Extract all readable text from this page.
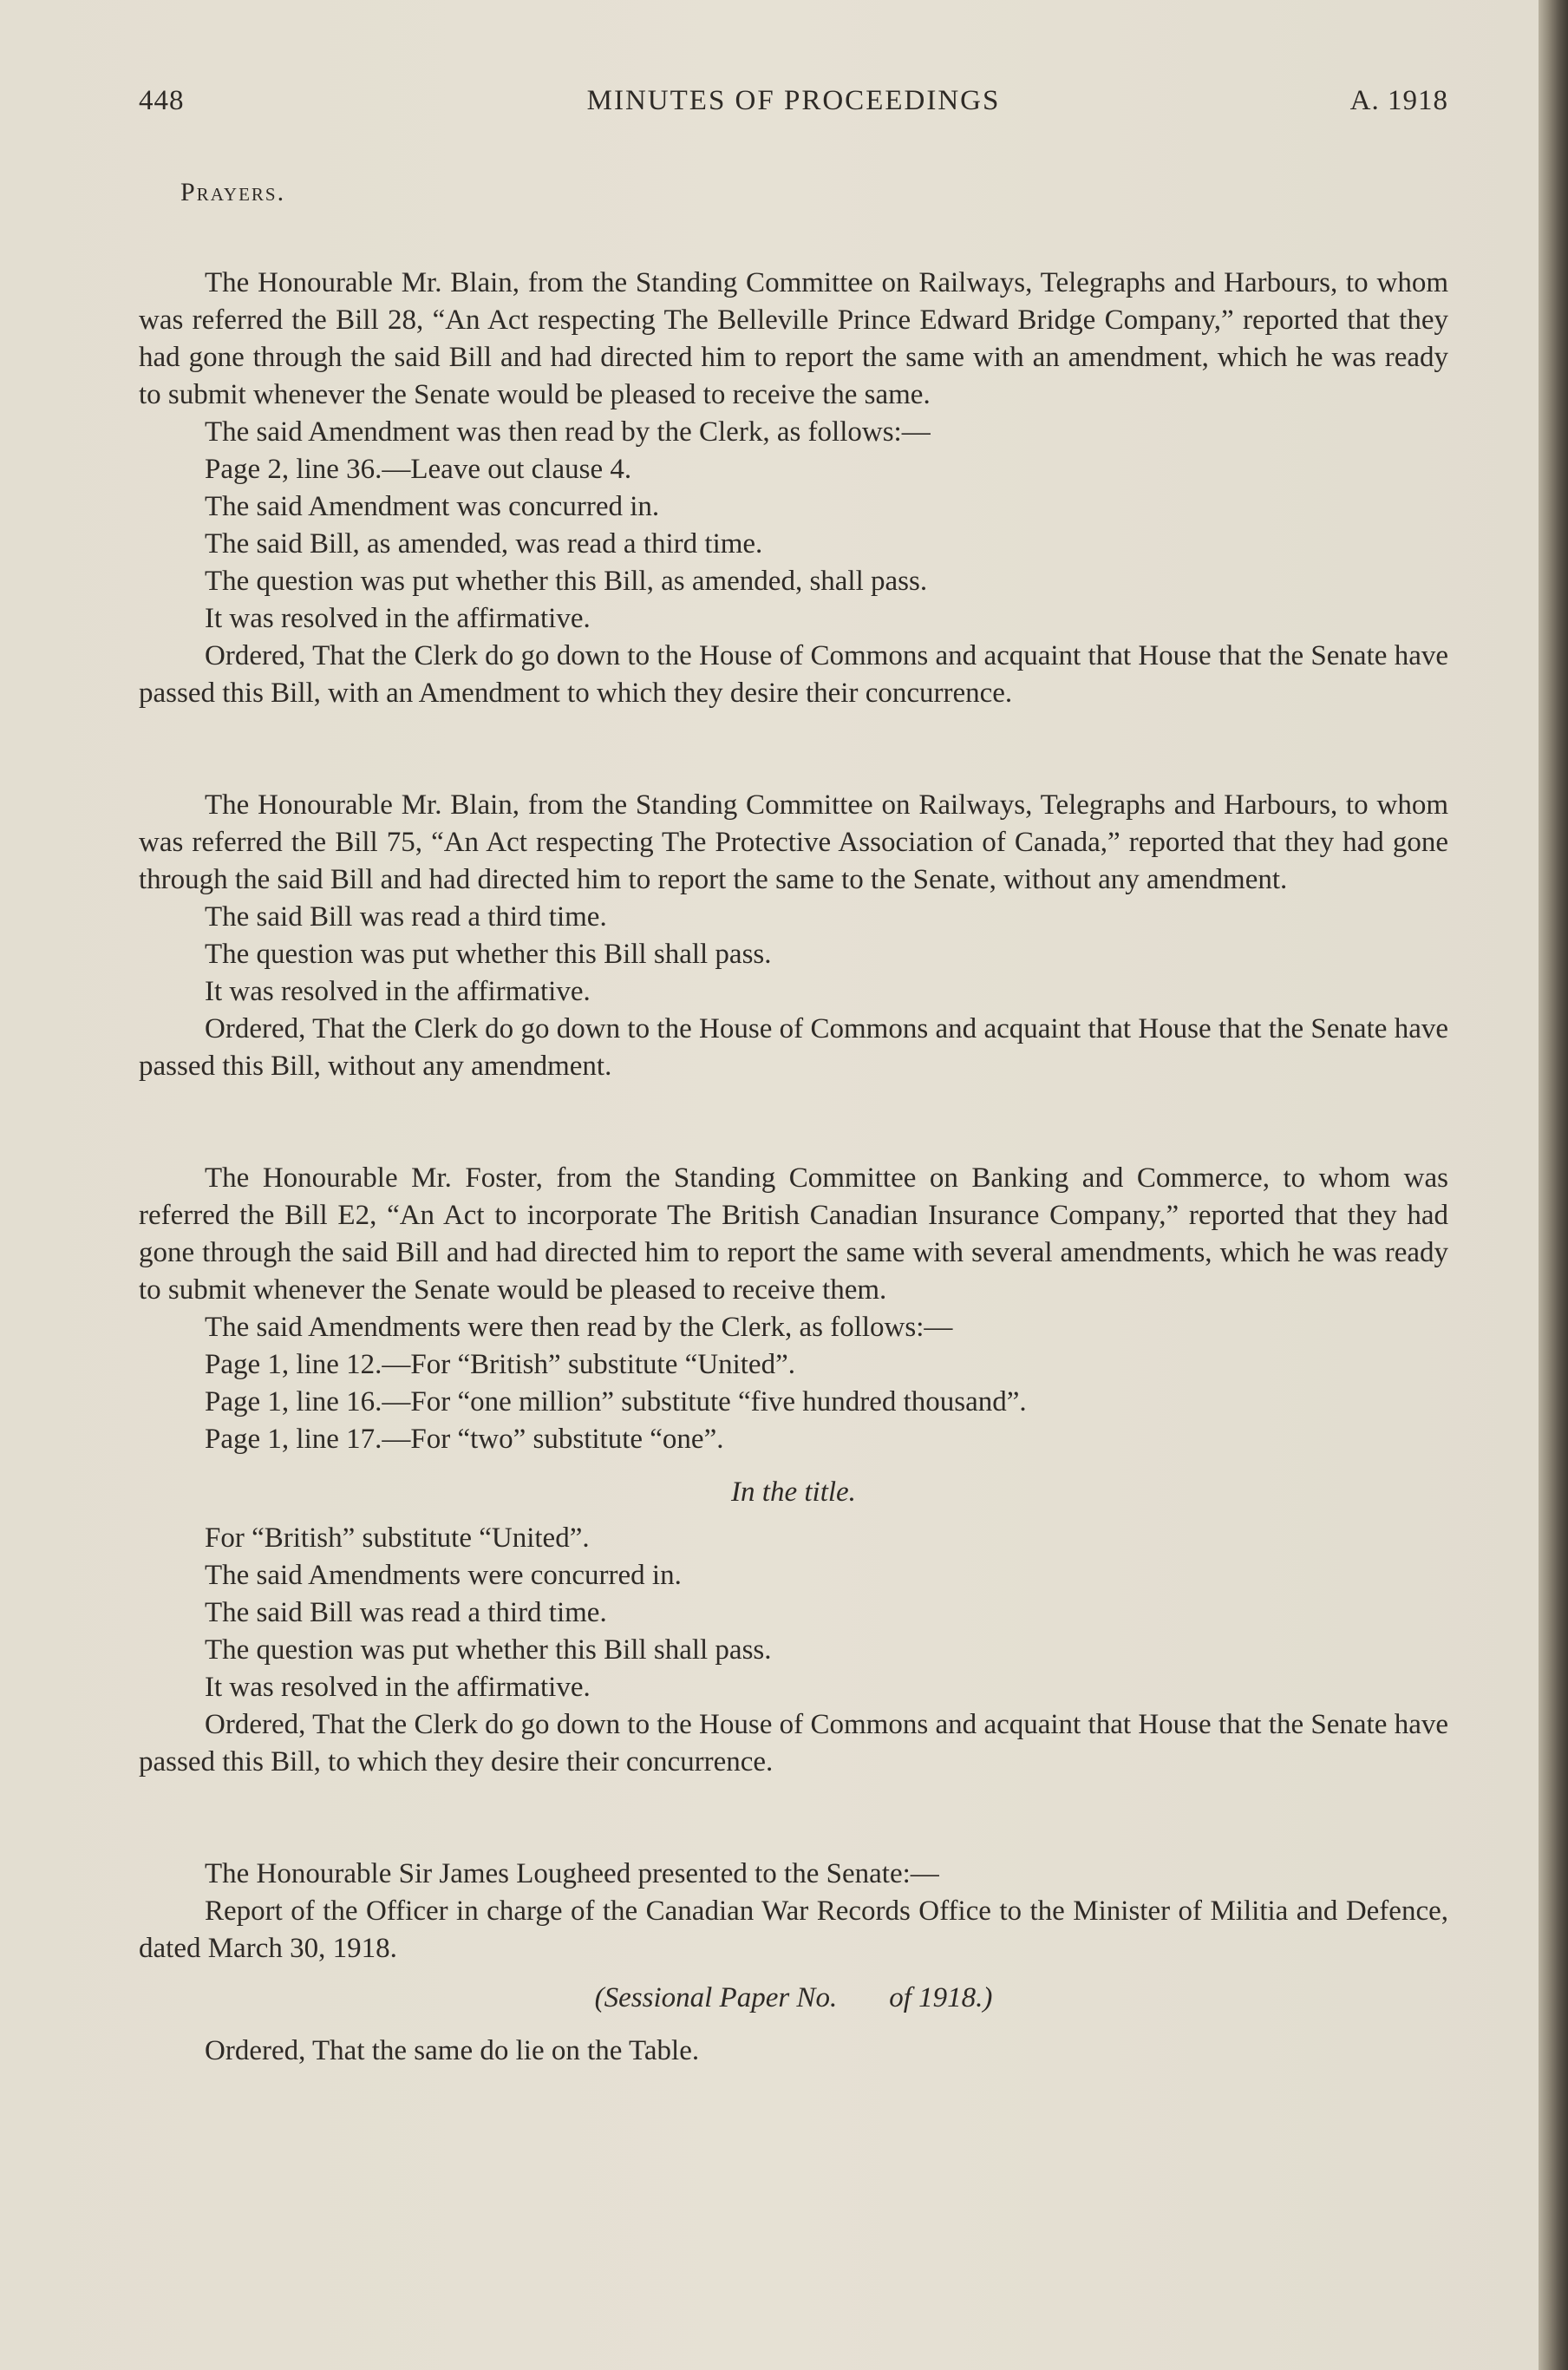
448	MINUTES OF PROCEEDINGS	A. 1918
Prayers.

The Honourable Mr. Blain, from the Standing Committee on Railways, Telegraphs and Harbours, to whom was referred the Bill 28, “An Act respecting The Belleville Prince Edward Bridge Company,” reported that they had gone through the said Bill and had directed him to report the same with an amendment, which he was ready to submit whenever the Senate would be pleased to receive the same.

The said Amendment was then read by the Clerk, as follows:—

Page 2, line 36.—Leave out clause 4.

The said Amendment was concurred in.

The said Bill, as amended, was read a third time.

The question was put whether this Bill, as amended, shall pass.

It was resolved in the affirmative.

Ordered, That the Clerk do go down to the House of Commons and acquaint that House that the Senate have passed this Bill, with an Amendment to which they desire their concurrence.

The Honourable Mr. Blain, from the Standing Committee on Railways, Telegraphs and Harbours, to whom was referred the Bill 75, “An Act respecting The Protective Association of Canada,” reported that they had gone through the said Bill and had directed him to report the same to the Senate, without any amendment.

The said Bill was read a third time.

The question was put whether this Bill shall pass.

It was resolved in the affirmative.

Ordered, That the Clerk do go down to the House of Commons and acquaint that House that the Senate have passed this Bill, without any amendment.

The Honourable Mr. Foster, from the Standing Committee on Banking and Commerce, to whom was referred the Bill E2, “An Act to incorporate The British Canadian Insurance Company,” reported that they had gone through the said Bill and had directed him to report the same with several amendments, which he was ready to submit whenever the Senate would be pleased to receive them.

The said Amendments were then read by the Clerk, as follows:—

Page 1, line 12.—For “British” substitute “United”.

Page 1, line 16.—For “one million” substitute “five hundred thousand”.

Page 1, line 17.—For “two” substitute “one”.

In the title.

For “British” substitute “United”.

The said Amendments were concurred in.

The said Bill was read a third time.

The question was put whether this Bill shall pass.

It was resolved in the affirmative.

Ordered, That the Clerk do go down to the House of Commons and acquaint that House that the Senate have passed this Bill, to which they desire their concurrence.

The Honourable Sir James Lougheed presented to the Senate:—

Report of the Officer in charge of the Canadian War Records Office to the Minister of Militia and Defence, dated March 30, 1918.

(Sessional Paper No. of 1918.)

Ordered, That the same do lie on the Table.
